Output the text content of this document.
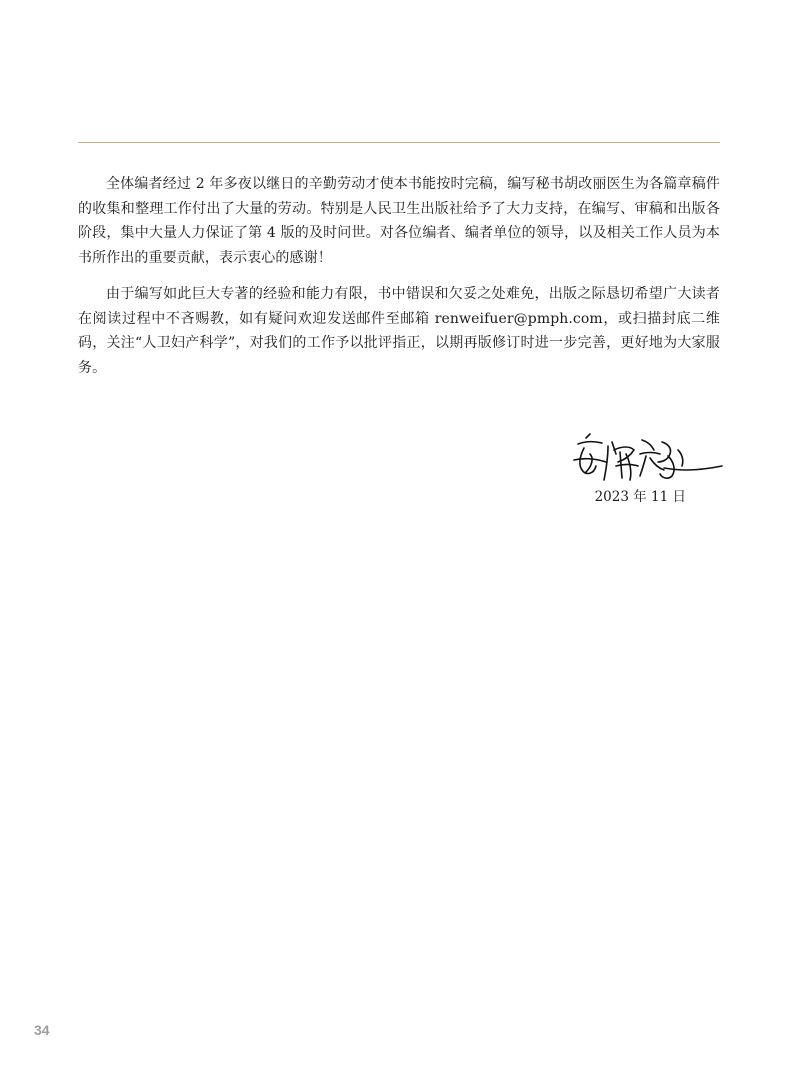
全体编者经过 2 年多夜以继日的辛勤劳动才使本书能按时完稿，编写秘书胡改丽医生为各篇章稿件的收集和整理工作付出了大量的劳动。特别是人民卫生出版社给予了大力支持，在编写、审稿和出版各阶段，集中大量人力保证了第 4 版的及时问世。对各位编者、编者单位的领导，以及相关工作人员为本书所作出的重要贡献，表示衷心的感谢！

由于编写如此巨大专著的经验和能力有限，书中错误和欠妥之处难免，出版之际恳切希望广大读者在阅读过程中不吝赐教，如有疑问欢迎发送邮件至邮箱 renweifuer@pmph.com，或扫描封底二维码，关注“人卫妇产科学”，对我们的工作予以批评指正，以期再版修订时进一步完善，更好地为大家服务。

2023 年 11 日
34
